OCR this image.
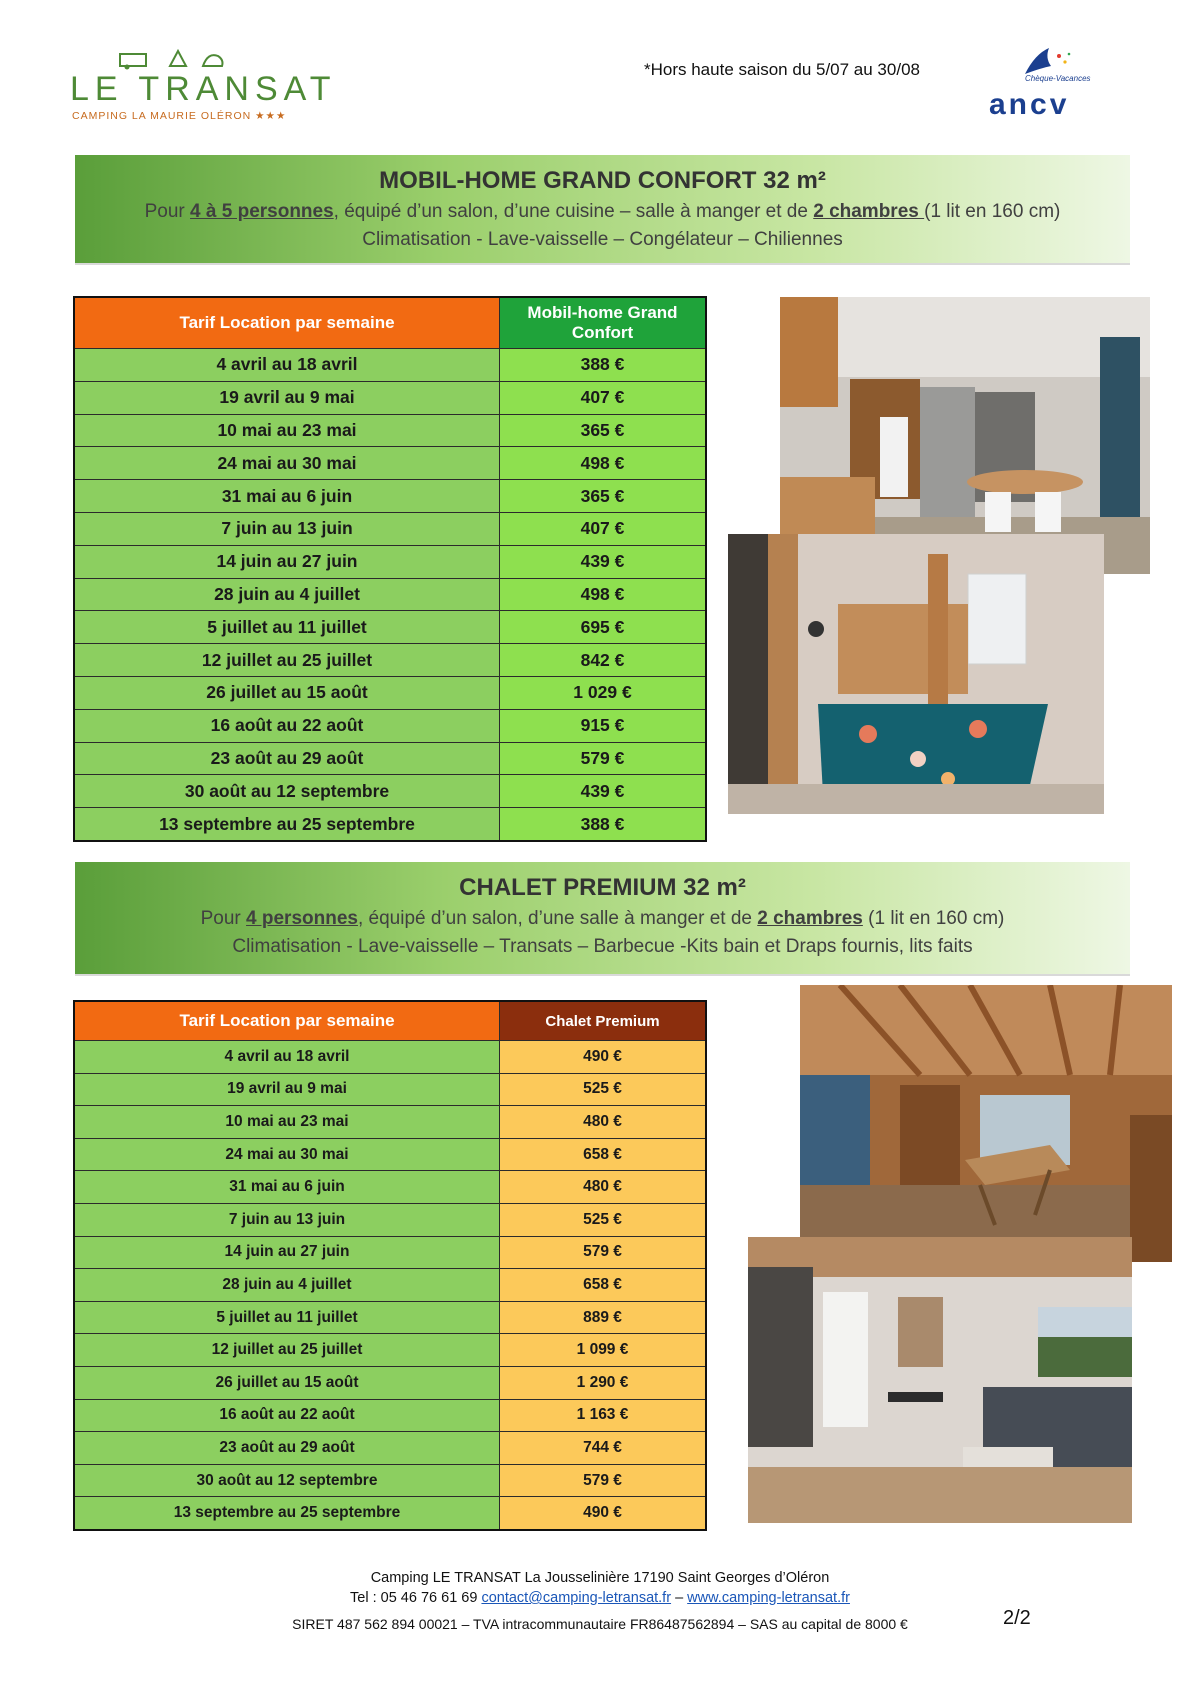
LE TRANSAT
CAMPING LA MAURIE OLÉRON ★★★
*Hors haute saison du 5/07 au 30/08	Chèque-Vacances
ancv
MOBIL-HOME GRAND CONFORT 32 m²
Pour 4 à 5 personnes, équipé d’un salon, d’une cuisine – salle à manger et de 2 chambres (1 lit en 160 cm)
Climatisation - Lave-vaisselle – Congélateur – Chiliennes
Tarif Location par semaine	Mobil-home Grand Confort
4 avril au 18 avril	388 €
19 avril au 9 mai	407 €
10 mai au 23 mai	365 €
24 mai au 30 mai	498 €
31 mai au 6 juin	365 €
7 juin au 13 juin	407 €
14 juin au 27 juin	439 €
28 juin au 4 juillet	498 €
5 juillet au 11 juillet	695 €
12 juillet au 25 juillet	842 €
26 juillet au 15 août	1 029 €
16 août au 22 août	915 €
23 août au 29 août	579 €
30 août au 12 septembre	439 €
13 septembre au 25 septembre	388 €
CHALET PREMIUM 32 m²
Pour 4 personnes, équipé d’un salon, d’une salle à manger et de 2 chambres (1 lit en 160 cm)
Climatisation - Lave-vaisselle – Transats – Barbecue -Kits bain et Draps fournis, lits faits
Tarif Location par semaine	Chalet Premium
4 avril au 18 avril	490 €
19 avril au 9 mai	525 €
10 mai au 23 mai	480 €
24 mai au 30 mai	658 €
31 mai au 6 juin	480 €
7 juin au 13 juin	525 €
14 juin au 27 juin	579 €
28 juin au 4 juillet	658 €
5 juillet au 11 juillet	889 €
12 juillet au 25 juillet	1 099 €
26 juillet au 15 août	1 290 €
16 août au 22 août	1 163 €
23 août au 29 août	744 €
30 août au 12 septembre	579 €
13 septembre au 25 septembre	490 €
Camping LE TRANSAT La Jousselinière 17190 Saint Georges d’Oléron
Tel : 05 46 76 61 69 contact@camping-letransat.fr – www.camping-letransat.fr
SIRET 487 562 894 00021 – TVA intracommunautaire FR86487562894 – SAS au capital de 8000 €	2/2
